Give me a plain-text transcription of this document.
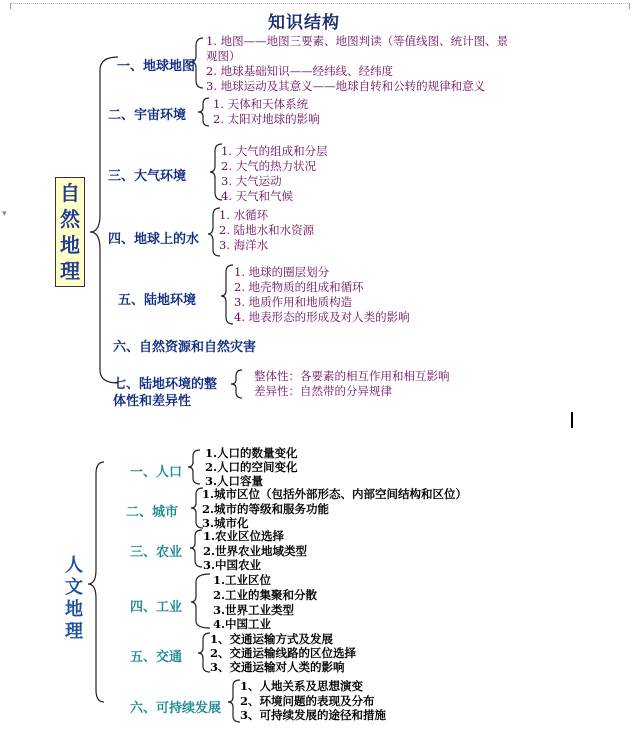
知识结构
自然地理
一、地球地图
1. 地图——地图三要素、地图判读（等值线图、统计图、景
观图）
2. 地球基础知识——经纬线、经纬度
3. 地球运动及其意义——地球自转和公转的规律和意义
二、宇宙环境
1. 天体和天体系统
2. 太阳对地球的影响
三、大气环境
1. 大气的组成和分层
2. 大气的热力状况
3. 大气运动
4. 天气和气候
四、地球上的水
1. 水循环
2. 陆地水和水资源
3. 海洋水
五、陆地环境
1. 地球的圈层划分
2. 地壳物质的组成和循环
3. 地质作用和地质构造
4. 地表形态的形成及对人类的影响
六、自然资源和自然灾害
七、陆地环境的整
体性和差异性
整体性：各要素的相互作用和相互影响
差异性：自然带的分异规律
▾
人文地理
一、人口
1.人口的数量变化
2.人口的空间变化
3.人口容量
二、城市
1.城市区位（包括外部形态、内部空间结构和区位）
2.城市的等级和服务功能
3.城市化
三、农业
1.农业区位选择
2.世界农业地域类型
3.中国农业
四、工业
1.工业区位
2.工业的集聚和分散
3.世界工业类型
4.中国工业
五、交通
1、交通运输方式及发展
2、交通运输线路的区位选择
3、交通运输对人类的影响
六、可持续发展
1、人地关系及思想演变
2、环境问题的表现及分布
3、可持续发展的途径和措施
